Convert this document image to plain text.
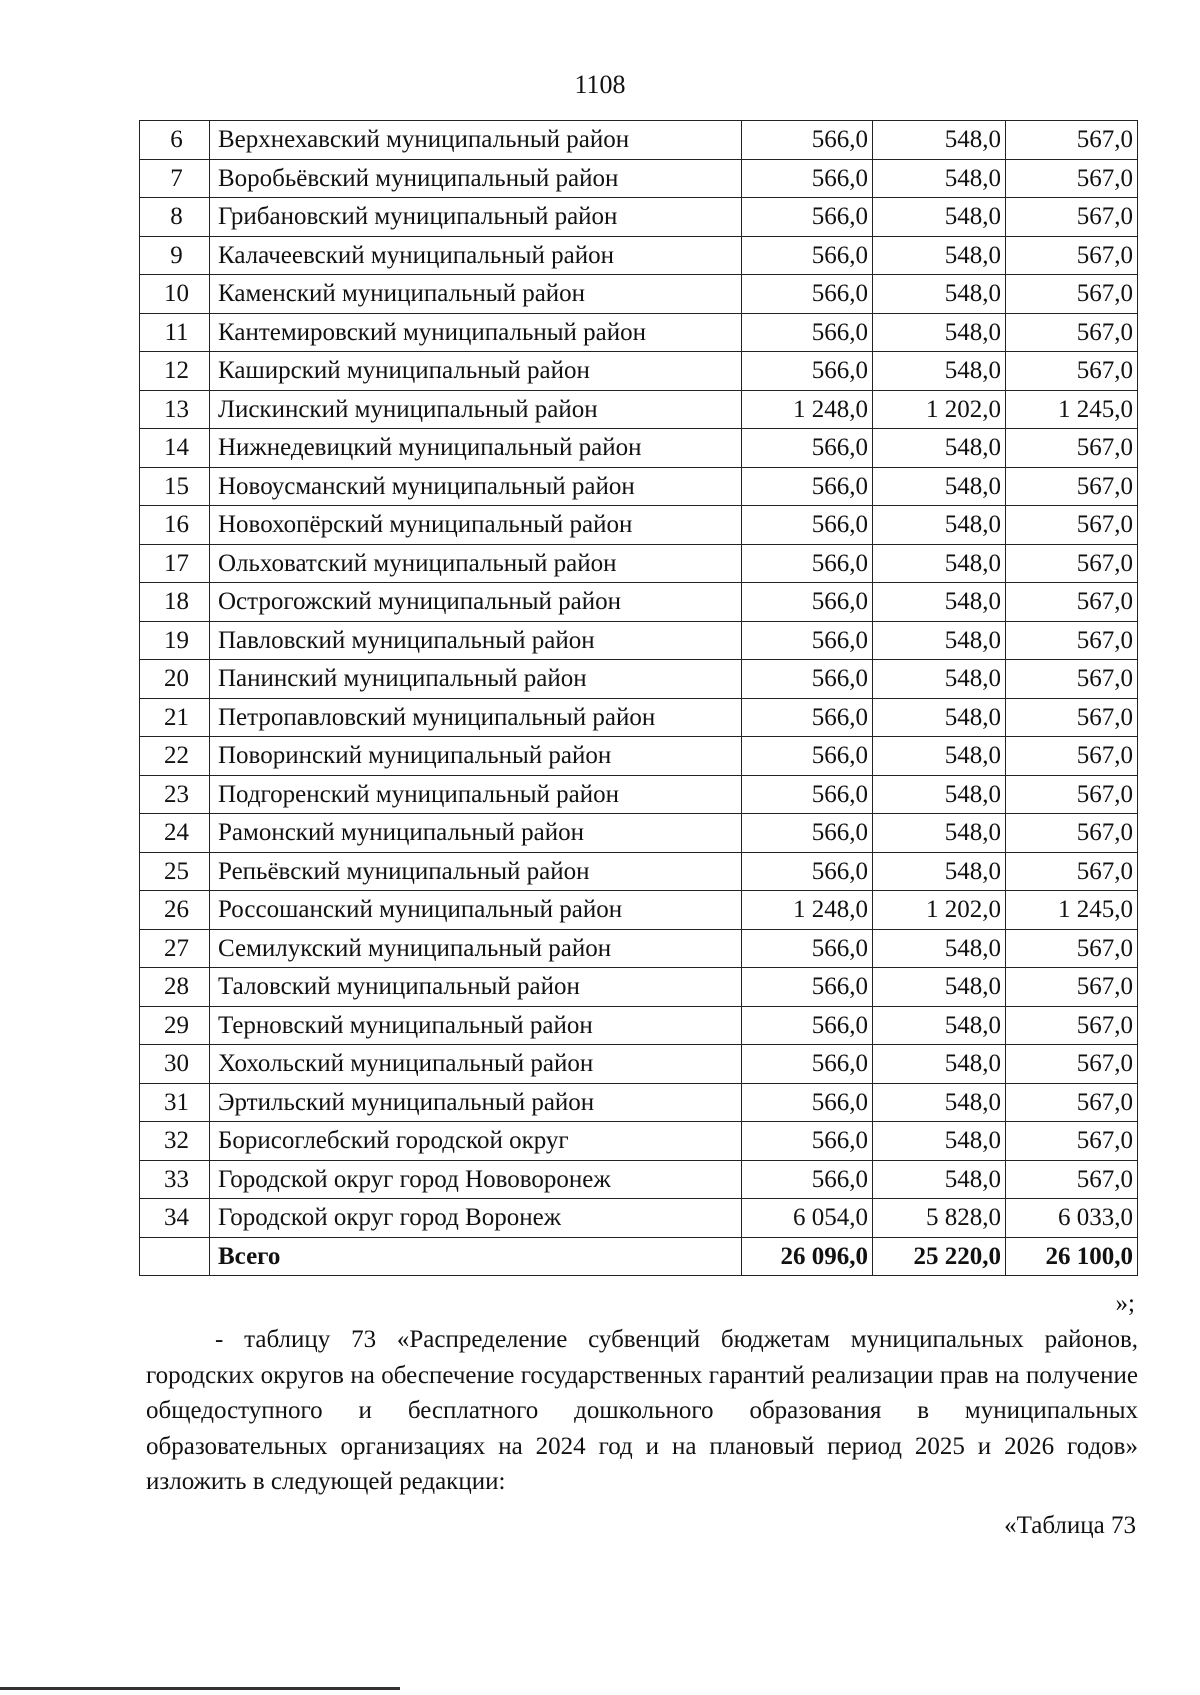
1108
6	Верхнехавский муниципальный район	566,0	548,0	567,0
7	Воробьёвский муниципальный район	566,0	548,0	567,0
8	Грибановский муниципальный район	566,0	548,0	567,0
9	Калачеевский муниципальный район	566,0	548,0	567,0
10	Каменский муниципальный район	566,0	548,0	567,0
11	Кантемировский муниципальный район	566,0	548,0	567,0
12	Каширский муниципальный район	566,0	548,0	567,0
13	Лискинский муниципальный район	1 248,0	1 202,0	1 245,0
14	Нижнедевицкий муниципальный район	566,0	548,0	567,0
15	Новоусманский муниципальный район	566,0	548,0	567,0
16	Новохопёрский муниципальный район	566,0	548,0	567,0
17	Ольховатский муниципальный район	566,0	548,0	567,0
18	Острогожский муниципальный район	566,0	548,0	567,0
19	Павловский муниципальный район	566,0	548,0	567,0
20	Панинский муниципальный район	566,0	548,0	567,0
21	Петропавловский муниципальный район	566,0	548,0	567,0
22	Поворинский муниципальный район	566,0	548,0	567,0
23	Подгоренский муниципальный район	566,0	548,0	567,0
24	Рамонский муниципальный район	566,0	548,0	567,0
25	Репьёвский муниципальный район	566,0	548,0	567,0
26	Россошанский муниципальный район	1 248,0	1 202,0	1 245,0
27	Семилукский муниципальный район	566,0	548,0	567,0
28	Таловский муниципальный район	566,0	548,0	567,0
29	Терновский муниципальный район	566,0	548,0	567,0
30	Хохольский муниципальный район	566,0	548,0	567,0
31	Эртильский муниципальный район	566,0	548,0	567,0
32	Борисоглебский городской округ	566,0	548,0	567,0
33	Городской округ город Нововоронеж	566,0	548,0	567,0
34	Городской округ город Воронеж	6 054,0	5 828,0	6 033,0
	Всего	26 096,0	25 220,0	26 100,0
»;
- таблицу 73 «Распределение субвенций бюджетам муниципальных районов, городских округов на обеспечение государственных гарантий реализации прав на получение общедоступного и бесплатного дошкольного образования в муниципальных образовательных организациях на 2024 год и на плановый период 2025 и 2026 годов» изложить в следующей редакции:
«Таблица 73
